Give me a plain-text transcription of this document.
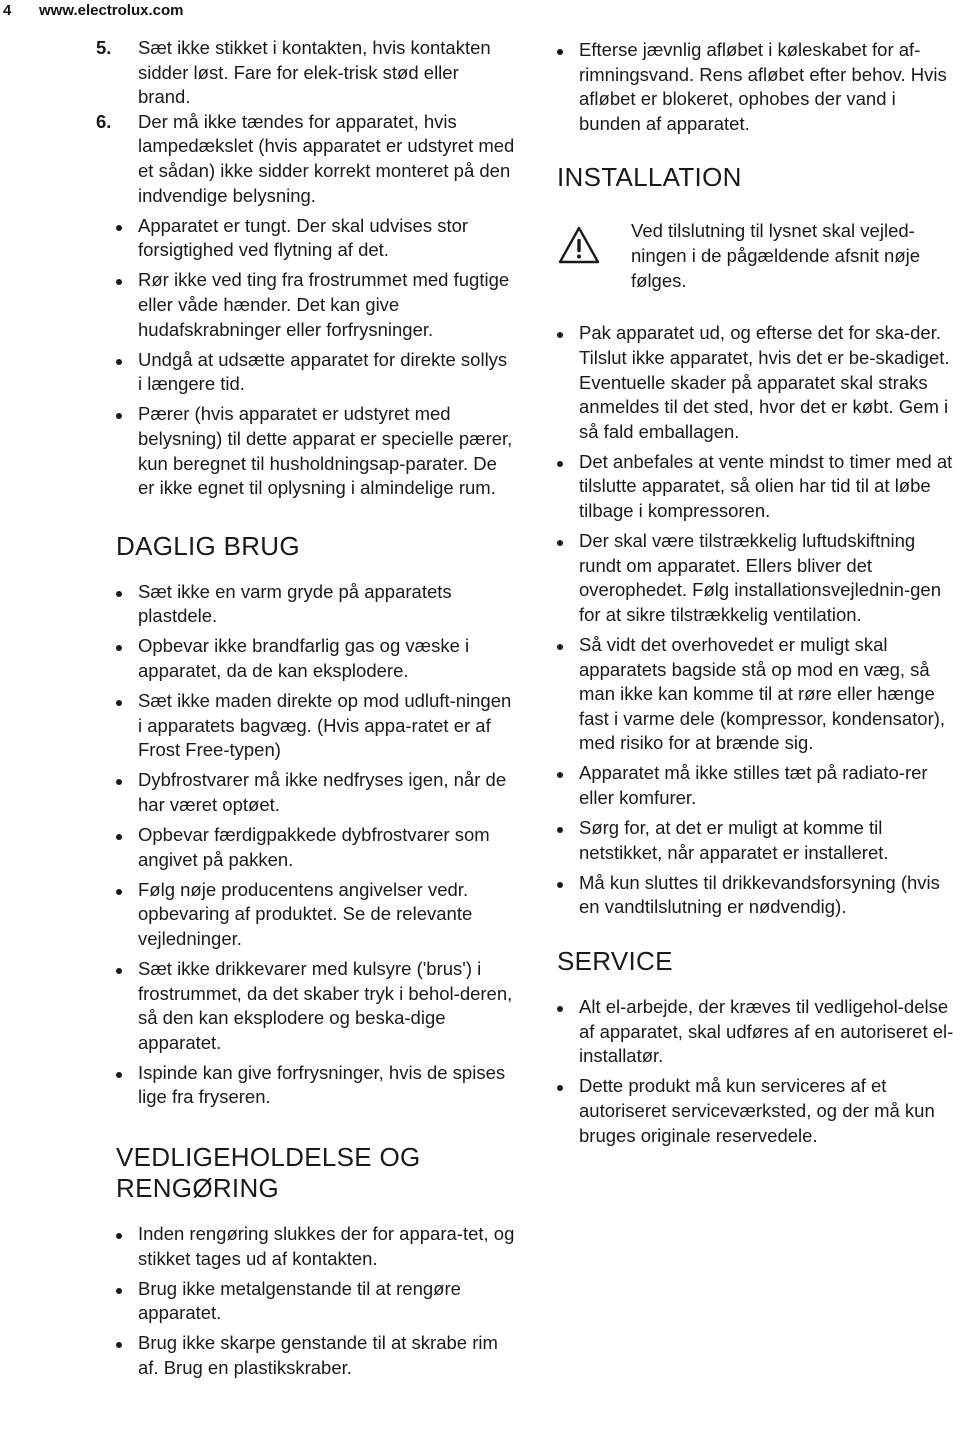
4 www.electrolux.com
5. Sæt ikke stikket i kontakten, hvis kontakten sidder løst. Fare for elek-trisk stød eller brand.
6. Der må ikke tændes for apparatet, hvis lampedækslet (hvis apparatet er udstyret med et sådan) ikke sidder korrekt monteret på den indvendige belysning.
Apparatet er tungt. Der skal udvises stor forsigtighed ved flytning af det.
Rør ikke ved ting fra frostrummet med fugtige eller våde hænder. Det kan give hudafskrabninger eller forfrysninger.
Undgå at udsætte apparatet for direkte sollys i længere tid.
Pærer (hvis apparatet er udstyret med belysning) til dette apparat er specielle pærer, kun beregnet til husholdningsap-parater. De er ikke egnet til oplysning i almindelige rum.
DAGLIG BRUG
Sæt ikke en varm gryde på apparatets plastdele.
Opbevar ikke brandfarlig gas og væske i apparatet, da de kan eksplodere.
Sæt ikke maden direkte op mod udluft-ningen i apparatets bagvæg. (Hvis appa-ratet er af Frost Free-typen)
Dybfrostvarer må ikke nedfryses igen, når de har været optøet.
Opbevar færdigpakkede dybfrostvarer som angivet på pakken.
Følg nøje producentens angivelser vedr. opbevaring af produktet. Se de relevante vejledninger.
Sæt ikke drikkevarer med kulsyre ('brus') i frostrummet, da det skaber tryk i behol-deren, så den kan eksplodere og beska-dige apparatet.
Ispinde kan give forfrysninger, hvis de spises lige fra fryseren.
VEDLIGEHOLDELSE OG
RENGØRING
Inden rengøring slukkes der for appara-tet, og stikket tages ud af kontakten.
Brug ikke metalgenstande til at rengøre apparatet.
Brug ikke skarpe genstande til at skrabe rim af. Brug en plastikskraber.
Efterse jævnlig afløbet i køleskabet for af-rimningsvand. Rens afløbet efter behov. Hvis afløbet er blokeret, ophobes der vand i bunden af apparatet.
INSTALLATION
Ved tilslutning til lysnet skal vejled-ningen i de pågældende afsnit nøje følges.
Pak apparatet ud, og efterse det for ska-der. Tilslut ikke apparatet, hvis det er be-skadiget. Eventuelle skader på apparatet skal straks anmeldes til det sted, hvor det er købt. Gem i så fald emballagen.
Det anbefales at vente mindst to timer med at tilslutte apparatet, så olien har tid til at løbe tilbage i kompressoren.
Der skal være tilstrækkelig luftudskiftning rundt om apparatet. Ellers bliver det overophedet. Følg installationsvejlednin-gen for at sikre tilstrækkelig ventilation.
Så vidt det overhovedet er muligt skal apparatets bagside stå op mod en væg, så man ikke kan komme til at røre eller hænge fast i varme dele (kompressor, kondensator), med risiko for at brænde sig.
Apparatet må ikke stilles tæt på radiato-rer eller komfurer.
Sørg for, at det er muligt at komme til netstikket, når apparatet er installeret.
Må kun sluttes til drikkevandsforsyning (hvis en vandtilslutning er nødvendig).
SERVICE
Alt el-arbejde, der kræves til vedligehol-delse af apparatet, skal udføres af en autoriseret el-installatør.
Dette produkt må kun serviceres af et autoriseret serviceværksted, og der må kun bruges originale reservedele.
